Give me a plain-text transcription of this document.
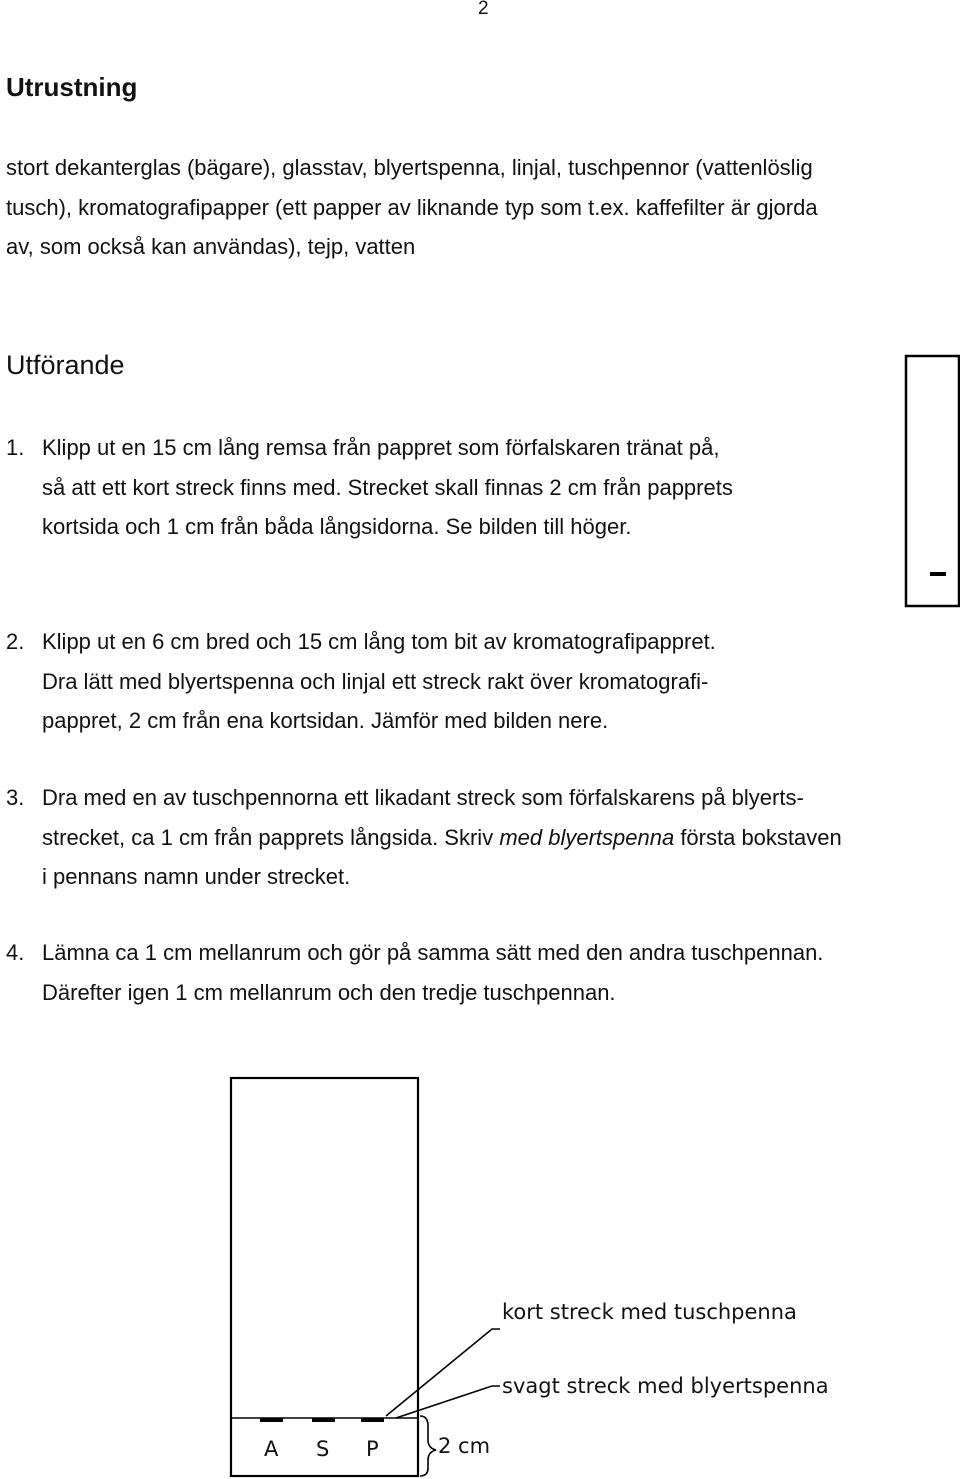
2
Utrustning
stort dekanterglas (bägare), glasstav, blyertspenna, linjal, tuschpennor (vattenlöslig
tusch), kromatografipapper (ett papper av liknande typ som t.ex. kaffefilter är gjorda
av, som också kan användas), tejp, vatten
Utförande
1. Klipp ut en 15 cm lång remsa från pappret som förfalskaren tränat på,
så att ett kort streck finns med. Strecket skall finnas 2 cm från papprets
kortsida och 1 cm från båda långsidorna. Se bilden till höger.
2. Klipp ut en 6 cm bred och 15 cm lång tom bit av kromatografipappret.
Dra lätt med blyertspenna och linjal ett streck rakt över kromatografi-
pappret, 2 cm från ena kortsidan. Jämför med bilden nere.
3. Dra med en av tuschpennorna ett likadant streck som förfalskarens på blyerts-
strecket, ca 1 cm från papprets långsida. Skriv med blyertspenna första bokstaven
i pennans namn under strecket.
4. Lämna ca 1 cm mellanrum och gör på samma sätt med den andra tuschpennan.
Därefter igen 1 cm mellanrum och den tredje tuschpennan.
kort streck med tuschpenna
svagt streck med blyertspenna
A S P	2 cm
